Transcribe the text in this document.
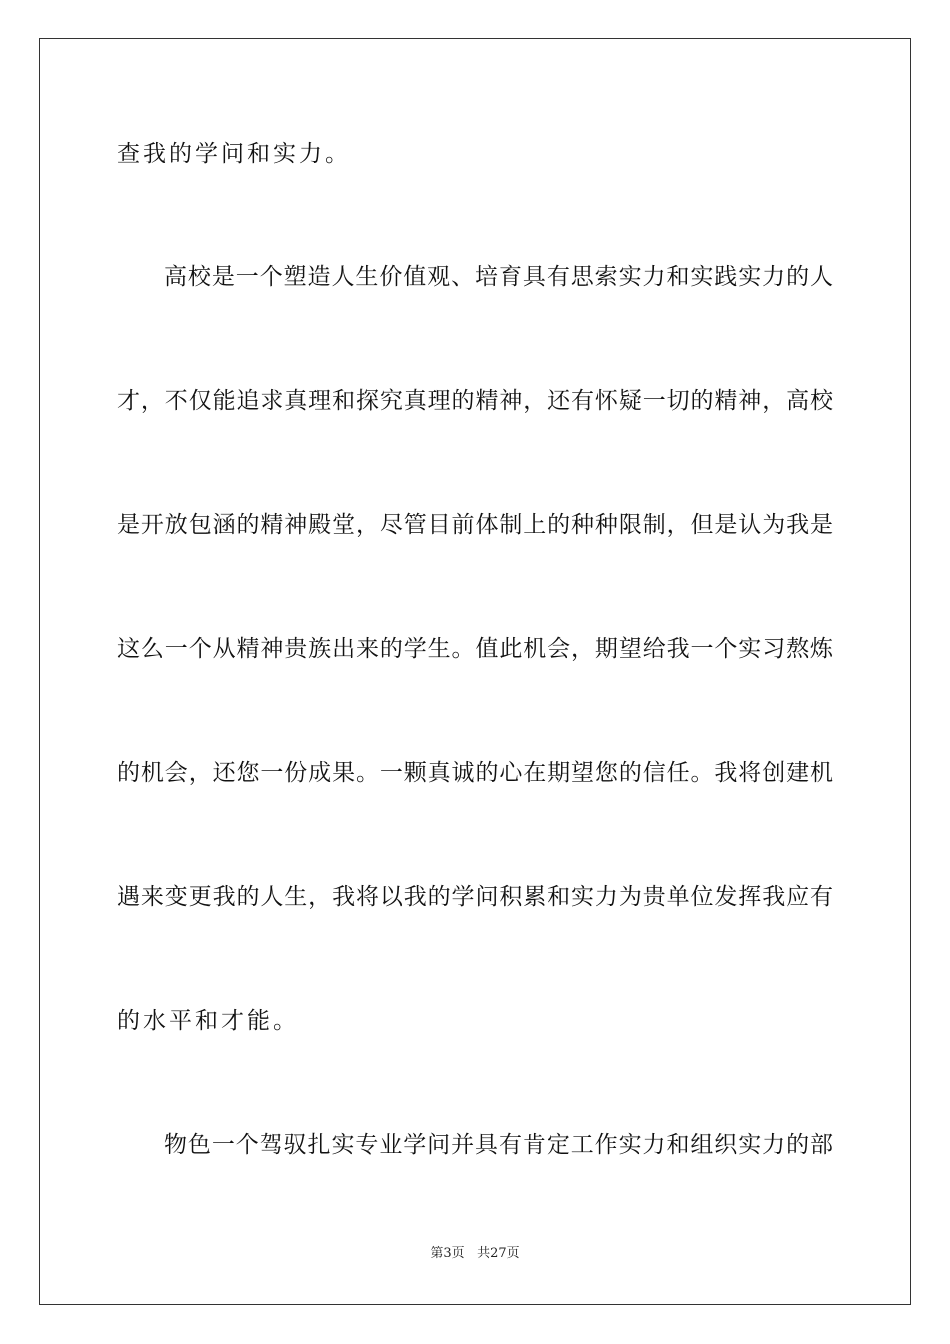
查我的学问和实力。
高校是一个塑造人生价值观、培育具有思索实力和实践实力的人
才，不仅能追求真理和探究真理的精神，还有怀疑一切的精神，高校
是开放包涵的精神殿堂，尽管目前体制上的种种限制，但是认为我是
这么一个从精神贵族出来的学生。值此机会，期望给我一个实习熬炼
的机会，还您一份成果。一颗真诚的心在期望您的信任。我将创建机
遇来变更我的人生，我将以我的学问积累和实力为贵单位发挥我应有
的水平和才能。
物色一个驾驭扎实专业学问并具有肯定工作实力和组织实力的部
第3页 共27页
